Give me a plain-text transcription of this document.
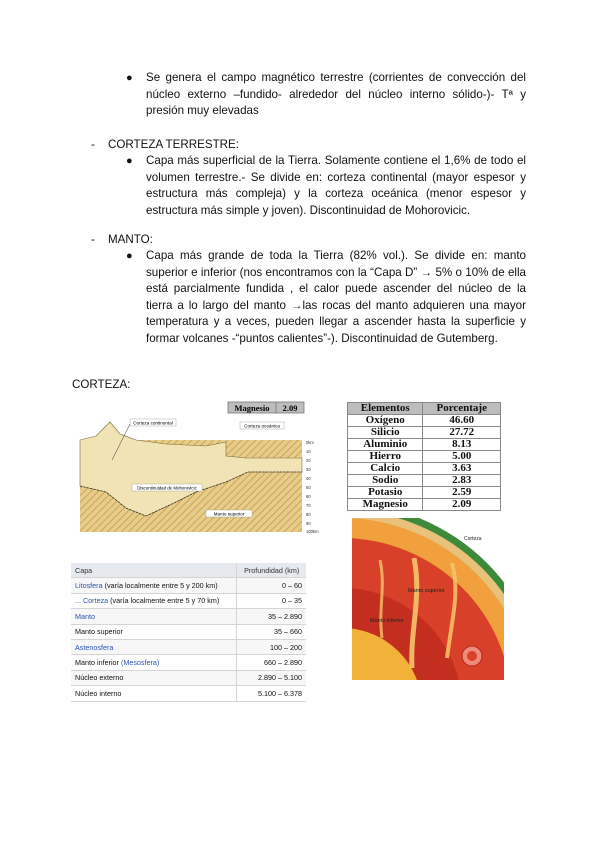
● Se genera el campo magnético terrestre (corrientes de convección del núcleo externo –fundido- alrededor del núcleo interno sólido-)- Tª y presión muy elevadas
- CORTEZA TERRESTRE:
● Capa más superficial de la Tierra. Solamente contiene el 1,6% de todo el volumen terrestre.- Se divide en: corteza continental (mayor espesor y estructura más compleja) y la corteza oceánica (menor espesor y estructura más simple y joven). Discontinuidad de Mohorovicic.
- MANTO:
● Capa más grande de toda la Tierra (82% vol.). Se divide en: manto superior e inferior (nos encontramos con la “Capa D” → 5% o 10% de ella está parcialmente fundida , el calor puede ascender del núcleo de la tierra a lo largo del manto →las rocas del manto adquieren una mayor temperatura y a veces, pueden llegar a ascender hasta la superficie y formar volcanes -“puntos calientes”-). Discontinuidad de Gutemberg.
CORTEZA:
Magnesio 2.09
Corteza continental
Corteza oceánica
Discontinuidad de Mohorovicic
Manto superior
0km
10
20
30
40
50
60
70
80
90
100km
Elementos	Porcentaje
Oxígeno	46.60
Silicio	27.72
Aluminio	8.13
Hierro	5.00
Calcio	3.63
Sodio	2.83
Potasio	2.59
Magnesio	2.09
Manto superior
Manto inferior
Corteza
Capa	Profundidad (km)
Litosfera (varía localmente entre 5 y 200 km)	0 – 60
... Corteza (varía localmente entre 5 y 70 km)	0 – 35
Manto	35 – 2.890
Manto superior	35 – 660
Astenosfera	100 – 200
Manto inferior (Mesosfera)	660 – 2.890
Núcleo externo	2.890 – 5.100
Núcleo interno	5.100 – 6.378
